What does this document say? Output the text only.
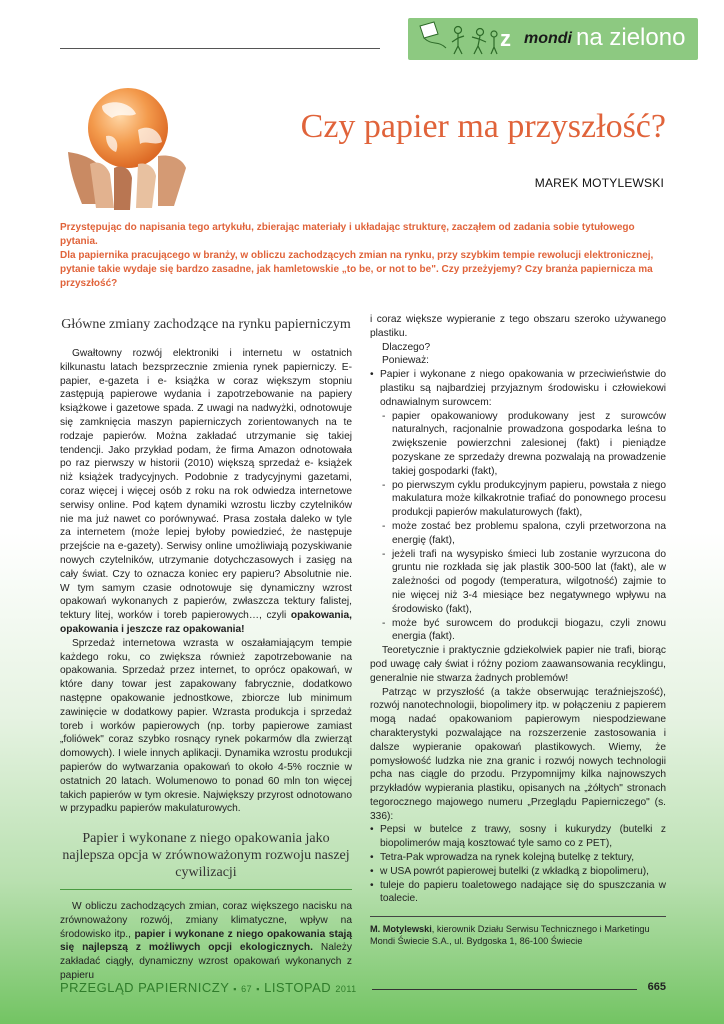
z mondi na zielono
Czy papier ma przyszłość?
MAREK MOTYLEWSKI

Przystępując do napisania tego artykułu, zbierając materiały i układając strukturę, zacząłem od zadania sobie tytułowego pytania.

Dla papiernika pracującego w branży, w obliczu zachodzących zmian na rynku, przy szybkim tempie rewolucji elektronicznej, pytanie takie wydaje się bardzo zasadne, jak hamletowskie „to be, or not to be". Czy przeżyjemy? Czy branża papiernicza ma przyszłość?

Główne zmiany zachodzące na rynku papierniczym

Gwałtowny rozwój elektroniki i internetu w ostatnich kilkunastu latach bezsprzecznie zmienia rynek papierniczy. E-papier, e-gazeta i e- książka w coraz większym stopniu zastępują papierowe wydania i zapotrzebowanie na papiery książkowe i gazetowe spada. Z uwagi na nadwyżki, odnotowuje się zamknięcia maszyn papierniczych zorientowanych na te rodzaje papierów. Można zakładać utrzymanie się takiej tendencji. Jako przykład podam, że firma Amazon odnotowała po raz pierwszy w historii (2010) większą sprzedaż e- książek niż książek tradycyjnych. Podobnie z tradycyjnymi gazetami, coraz więcej i więcej osób z roku na rok odwiedza internetowe serwisy online. Pod kątem dynamiki wzrostu liczby czytelników nie ma już nawet co porównywać. Prasa została daleko w tyle za internetem (może lepiej byłoby powiedzieć, że następuje przejście na e-gazety). Serwisy online umożliwiają pozyskiwanie nowych czytelników, utrzymanie dotychczasowych i zasięg na cały świat. Czy to oznacza koniec ery papieru? Absolutnie nie. W tym samym czasie odnotowuje się dynamiczny wzrost opakowań wykonanych z papierów, zwłaszcza tektury falistej, tektury litej, worków i toreb papierowych…, czyli opakowania, opakowania i jeszcze raz opakowania!

Sprzedaż internetowa wzrasta w oszałamiającym tempie każdego roku, co zwiększa również zapotrzebowanie na opakowania. Sprzedaż przez internet, to oprócz opakowań, w które dany towar jest zapakowany fabrycznie, dodatkowo następne opakowanie jednostkowe, zbiorcze lub minimum zawinięcie w dodatkowy papier. Wzrasta produkcja i sprzedaż toreb i worków papierowych (np. torby papierowe zamiast „foliówek" coraz szybko rosnący rynek pokarmów dla zwierząt domowych). I wiele innych aplikacji. Dynamika wzrostu produkcji papierów do wytwarzania opakowań to około 4-5% rocznie w ostatnich 20 latach. Wolumenowo to ponad 60 mln ton więcej takich papierów w tym okresie. Największy przyrost odnotowano w przypadku papierów makulaturowych.

Papier i wykonane z niego opakowania jako najlepsza opcja w zrównoważonym rozwoju naszej cywilizacji

W obliczu zachodzących zmian, coraz większego nacisku na zrównoważony rozwój, zmiany klimatyczne, wpływ na środowisko itp., papier i wykonane z niego opakowania stają się najlepszą z możliwych opcji ekologicznych. Należy zakładać ciągły, dynamiczny wzrost opakowań wykonanych z papieru

i coraz większe wypieranie z tego obszaru szeroko używanego plastiku.

Dlaczego?

Ponieważ:

• Papier i wykonane z niego opakowania w przeciwieństwie do plastiku są najbardziej przyjaznym środowisku i człowiekowi odnawialnym surowcem:

- papier opakowaniowy produkowany jest z surowców naturalnych, racjonalnie prowadzona gospodarka leśna to zwiększenie powierzchni zalesionej (fakt) i pieniądze pozyskane ze sprzedaży drewna pozwalają na prowadzenie takiej gospodarki (fakt),

- po pierwszym cyklu produkcyjnym papieru, powstała z niego makulatura może kilkakrotnie trafiać do ponownego procesu produkcji papierów makulaturowych (fakt),

- może zostać bez problemu spalona, czyli przetworzona na energię (fakt),

- jeżeli trafi na wysypisko śmieci lub zostanie wyrzucona do gruntu nie rozkłada się jak plastik 300-500 lat (fakt), ale w zależności od pogody (temperatura, wilgotność) zajmie to nie więcej niż 3-4 miesiące bez negatywnego wpływu na środowisko (fakt),

- może być surowcem do produkcji biogazu, czyli znowu energia (fakt).

Teoretycznie i praktycznie gdziekolwiek papier nie trafi, biorąc pod uwagę cały świat i różny poziom zaawansowania recyklingu, generalnie nie stwarza żadnych problemów!

Patrząc w przyszłość (a także obserwując teraźniejszość), rozwój nanotechnologii, biopolimery itp. w połączeniu z papierem mogą nadać opakowaniom papierowym niespodziewane charakterystyki pozwalające na rozszerzenie zastosowania i dalsze wypieranie opakowań plastikowych. Wiemy, że pomysłowość ludzka nie zna granic i rozwój nowych technologii pcha nas ciągle do przodu. Przypomnijmy kilka najnowszych przykładów wypierania plastiku, opisanych na „żółtych" stronach tegorocznego majowego numeru „Przeglądu Papierniczego" (s. 336):

• Pepsi w butelce z trawy, sosny i kukurydzy (butelki z biopolimerów mają kosztować tyle samo co z PET),

• Tetra-Pak wprowadza na rynek kolejną butelkę z tektury,

• w USA powrót papierowej butelki (z wkładką z biopolimeru),

• tuleje do papieru toaletowego nadające się do spuszczania w toalecie.

M. Motylewski, kierownik Działu Serwisu Technicznego i Marketingu Mondi Świecie S.A., ul. Bydgoska 1, 86-100 Świecie

PRZEGLĄD PAPIERNICZY ▪ 67 ▪ LISTOPAD 2011	665
